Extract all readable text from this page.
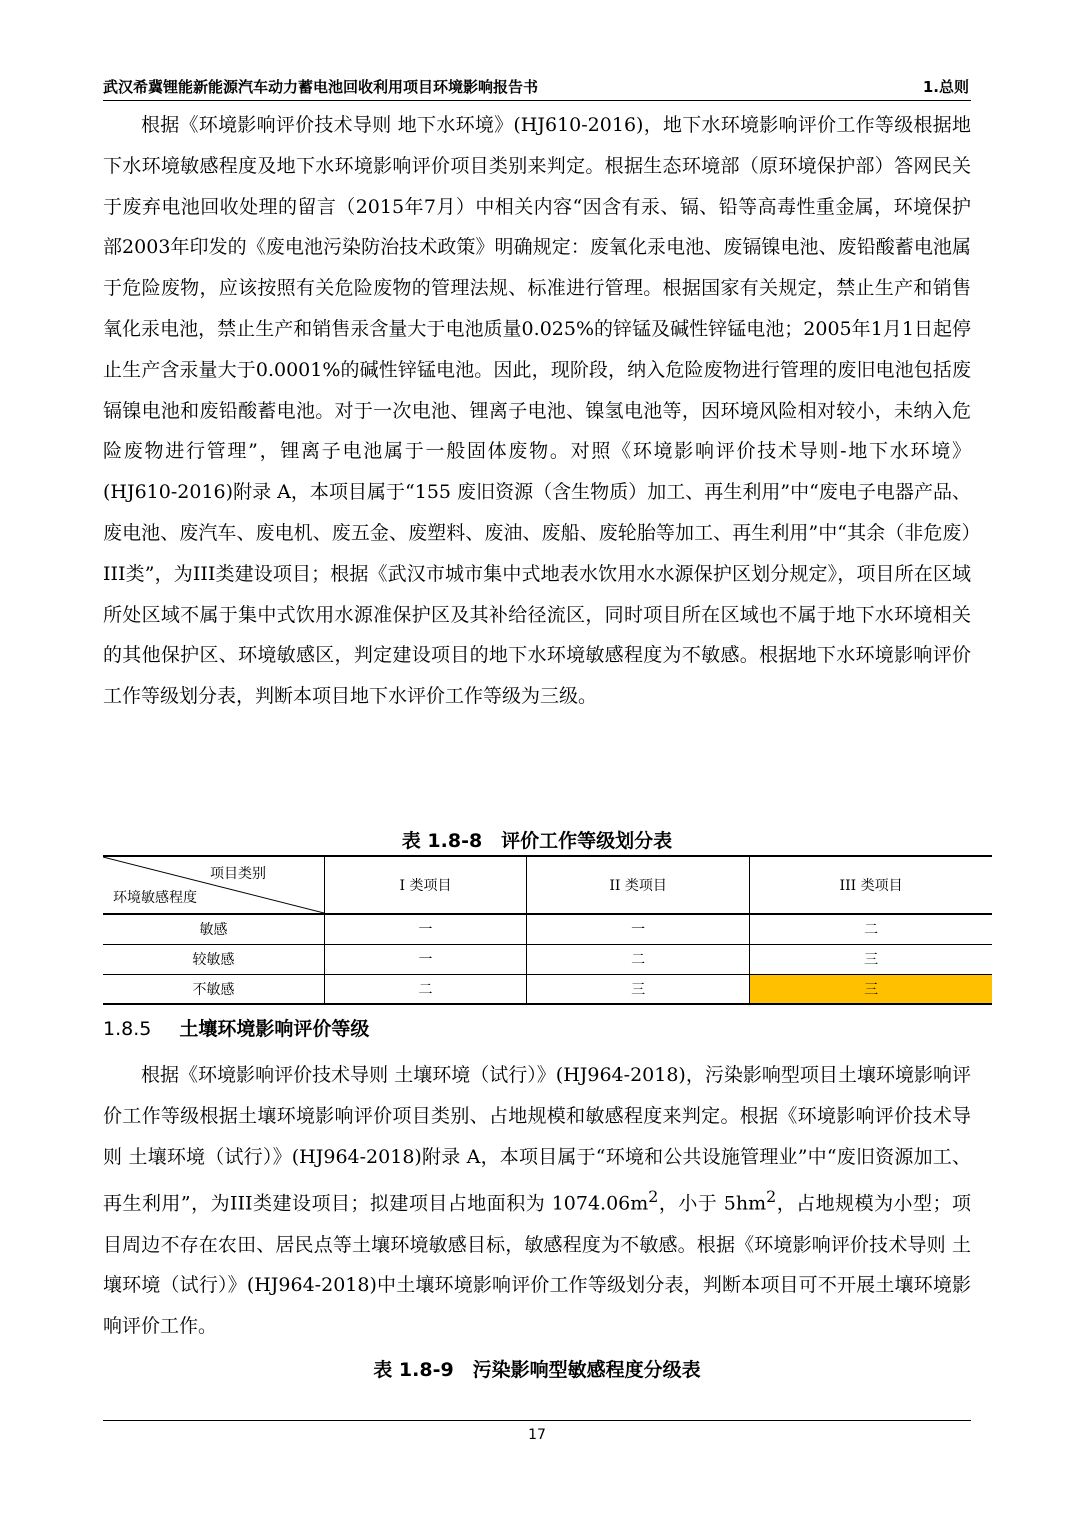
武汉希冀锂能新能源汽车动力蓄电池回收利用项目环境影响报告书	1.总则

根据《环境影响评价技术导则 地下水环境》(HJ610-2016)，地下水环境影响评价工作等级根据地下水环境敏感程度及地下水环境影响评价项目类别来判定。根据生态环境部（原环境保护部）答网民关于废弃电池回收处理的留言（2015年7月）中相关内容“因含有汞、镉、铅等高毒性重金属，环境保护部2003年印发的《废电池污染防治技术政策》明确规定：废氧化汞电池、废镉镍电池、废铅酸蓄电池属于危险废物，应该按照有关危险废物的管理法规、标准进行管理。根据国家有关规定，禁止生产和销售氧化汞电池，禁止生产和销售汞含量大于电池质量0.025%的锌锰及碱性锌锰电池；2005年1月1日起停止生产含汞量大于0.0001%的碱性锌锰电池。因此，现阶段，纳入危险废物进行管理的废旧电池包括废镉镍电池和废铅酸蓄电池。对于一次电池、锂离子电池、镍氢电池等，因环境风险相对较小，未纳入危险废物进行管理”，锂离子电池属于一般固体废物。对照《环境影响评价技术导则-地下水环境》(HJ610-2016)附录 A，本项目属于“155 废旧资源（含生物质）加工、再生利用”中“废电子电器产品、废电池、废汽车、废电机、废五金、废塑料、废油、废船、废轮胎等加工、再生利用”中“其余（非危废）III类”，为III类建设项目；根据《武汉市城市集中式地表水饮用水水源保护区划分规定》，项目所在区域所处区域不属于集中式饮用水源准保护区及其补给径流区，同时项目所在区域也不属于地下水环境相关的其他保护区、环境敏感区，判定建设项目的地下水环境敏感程度为不敏感。根据地下水环境影响评价工作等级划分表，判断本项目地下水评价工作等级为三级。

表 1.8-8　评价工作等级划分表
项目类别
环境敏感程度	I 类项目	II 类项目	III 类项目
敏感	一	一	二
较敏感	一	二	三
不敏感	二	三	三
1.8.5 土壤环境影响评价等级

根据《环境影响评价技术导则 土壤环境（试行）》(HJ964-2018)，污染影响型项目土壤环境影响评价工作等级根据土壤环境影响评价项目类别、占地规模和敏感程度来判定。根据《环境影响评价技术导则 土壤环境（试行）》(HJ964-2018)附录 A，本项目属于“环境和公共设施管理业”中“废旧资源加工、再生利用”，为III类建设项目；拟建项目占地面积为 $1074.06m^2$，小于 $5hm^2$，占地规模为小型；项目周边不存在农田、居民点等土壤环境敏感目标，敏感程度为不敏感。根据《环境影响评价技术导则 土壤环境（试行）》(HJ964-2018)中土壤环境影响评价工作等级划分表，判断本项目可不开展土壤环境影响评价工作。

表 1.8-9　污染影响型敏感程度分级表
17
